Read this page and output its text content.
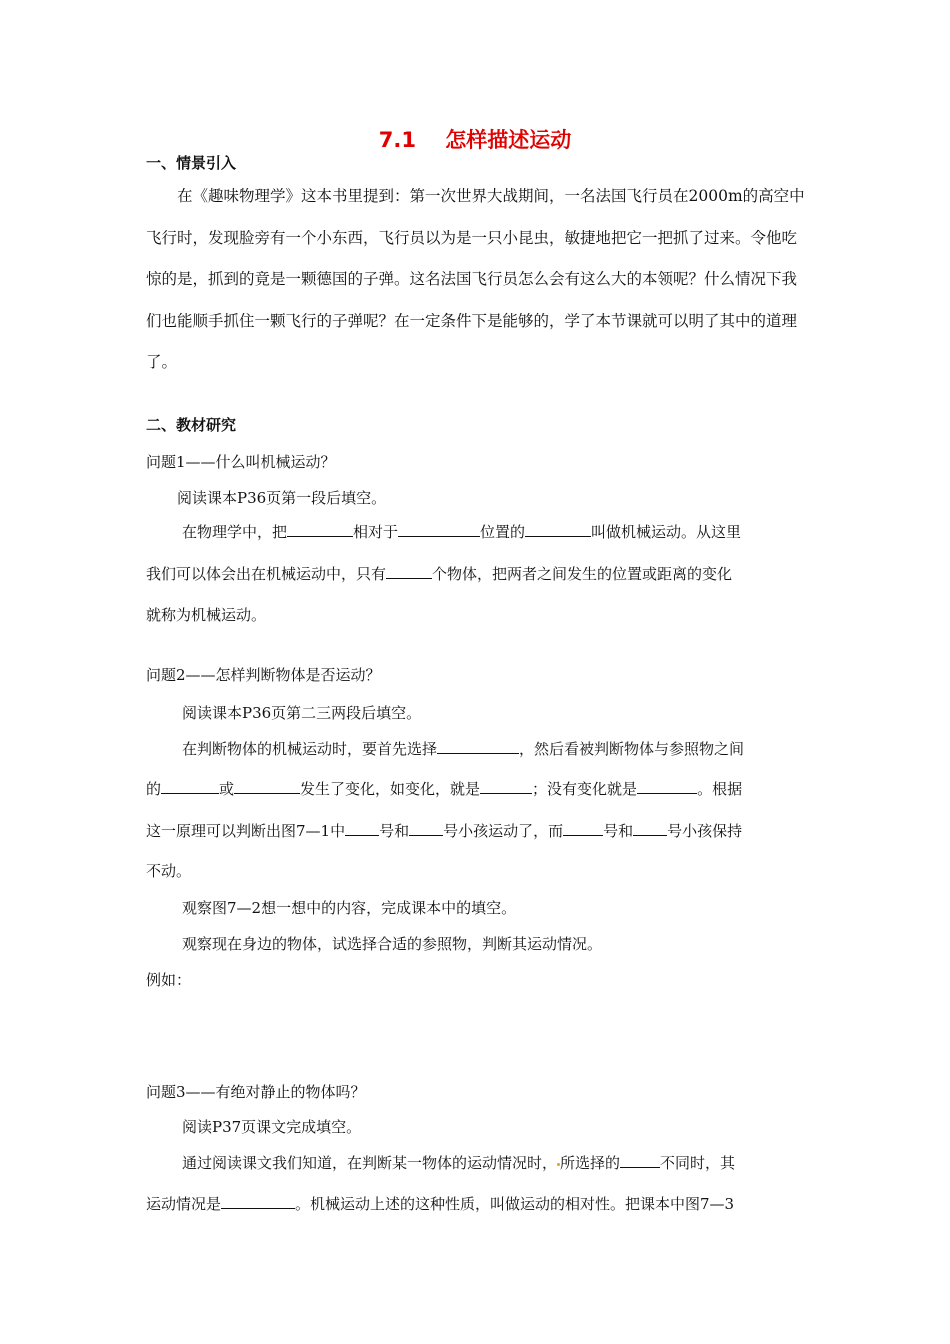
7.1    怎样描述运动
一、情景引入
在《趣味物理学》这本书里提到：第一次世界大战期间，一名法国飞行员在2000m的高空中飞行时，发现脸旁有一个小东西，飞行员以为是一只小昆虫，敏捷地把它一把抓了过来。令他吃惊的是，抓到的竟是一颗德国的子弹。这名法国飞行员怎么会有这么大的本领呢？什么情况下我们也能顺手抓住一颗飞行的子弹呢？在一定条件下是能够的，学了本节课就可以明了其中的道理了。
二、教材研究
问题1——什么叫机械运动？
阅读课本P36页第一段后填空。
在物理学中，把	相对于	位置的	叫做机械运动。从这里
我们可以体会出在机械运动中，只有	个物体，把两者之间发生的位置或距离的变化
就称为机械运动。
问题2——怎样判断物体是否运动？
阅读课本P36页第二三两段后填空。
在判断物体的机械运动时，要首先选择	，然后看被判断物体与参照物之间
的	或	发生了变化，如变化，就是	；没有变化就是	。根据
这一原理可以判断出图7—1中 号和 号小孩运动了，而	号和 号小孩保持
不动。
观察图7—2想一想中的内容，完成课本中的填空。
观察现在身边的物体，试选择合适的参照物，判断其运动情况。
例如：
问题3——有绝对静止的物体吗？
阅读P37页课文完成填空。
通过阅读课文我们知道，在判断某一物体的运动情况时， 所选择的	不同时，其
运动情况是	。机械运动上述的这种性质，叫做运动的相对性。把课本中图7—3
